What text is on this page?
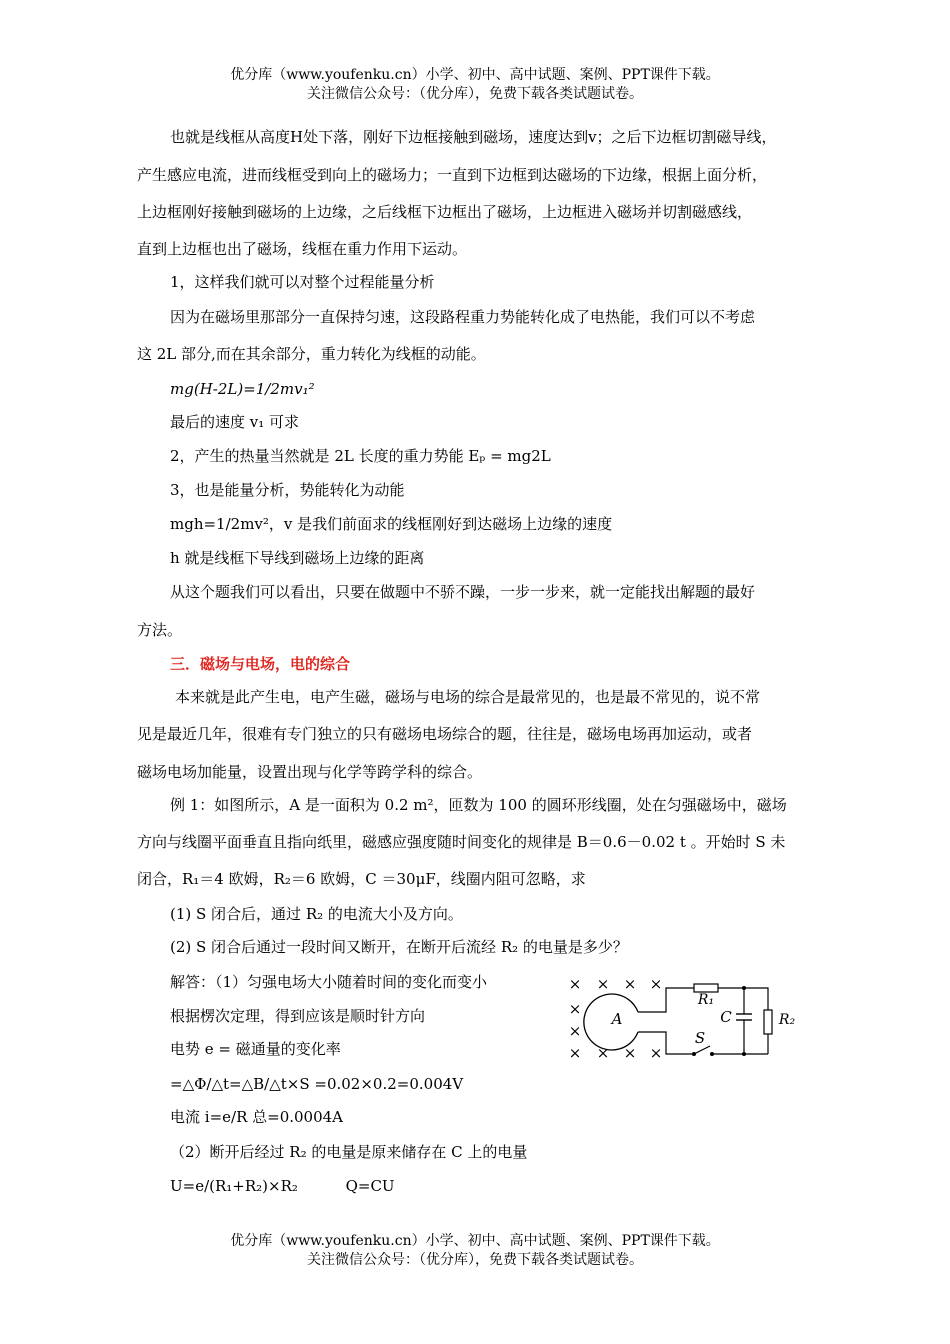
优分库（www.youfenku.cn）小学、初中、高中试题、案例、PPT课件下载。
关注微信公众号：（优分库），免费下载各类试题试卷。
也就是线框从高度H处下落，刚好下边框接触到磁场，速度达到v；之后下边框切割磁导线，
产生感应电流，进而线框受到向上的磁场力；一直到下边框到达磁场的下边缘，根据上面分析，
上边框刚好接触到磁场的上边缘，之后线框下边框出了磁场，上边框进入磁场并切割磁感线，
直到上边框也出了磁场，线框在重力作用下运动。
1，这样我们就可以对整个过程能量分析
因为在磁场里那部分一直保持匀速，这段路程重力势能转化成了电热能，我们可以不考虑
这 2L 部分,而在其余部分，重力转化为线框的动能。
mg(H-2L)=1/2mv₁²
最后的速度 v₁ 可求
2，产生的热量当然就是 2L 长度的重力势能 Eₚ = mg2L
3，也是能量分析，势能转化为动能
mgh=1/2mv²，v 是我们前面求的线框刚好到达磁场上边缘的速度
h 就是线框下导线到磁场上边缘的距离
从这个题我们可以看出，只要在做题中不骄不躁，一步一步来，就一定能找出解题的最好
方法。
三．磁场与电场，电的综合
本来就是此产生电，电产生磁，磁场与电场的综合是最常见的，也是最不常见的，说不常
见是最近几年，很难有专门独立的只有磁场电场综合的题，往往是，磁场电场再加运动，或者
磁场电场加能量，设置出现与化学等跨学科的综合。
例 1：如图所示，A 是一面积为 0.2 m²，匝数为 100 的圆环形线圈，处在匀强磁场中，磁场
方向与线圈平面垂直且指向纸里，磁感应强度随时间变化的规律是 B＝0.6－0.02 t 。开始时 S 未
闭合，R₁＝4 欧姆，R₂＝6 欧姆，C ＝30μF，线圈内阻可忽略，求
(1) S 闭合后，通过 R₂ 的电流大小及方向。
(2) S 闭合后通过一段时间又断开，在断开后流经 R₂ 的电量是多少？
解答：（1）匀强电场大小随着时间的变化而变小
根据楞次定理，得到应该是顺时针方向
电势 e = 磁通量的变化率
=△Φ/△t=△B/△t×S =0.02×0.2=0.004V
电流 i=e/R 总=0.0004A
（2）断开后经过 R₂ 的电量是原来储存在 C 上的电量
U=e/(R₁+R₂)×R₂          Q=CU
× × × ×
×
×
× × × ×
A
R₁
C	R₂
S
优分库（www.youfenku.cn）小学、初中、高中试题、案例、PPT课件下载。
关注微信公众号：（优分库），免费下载各类试题试卷。
